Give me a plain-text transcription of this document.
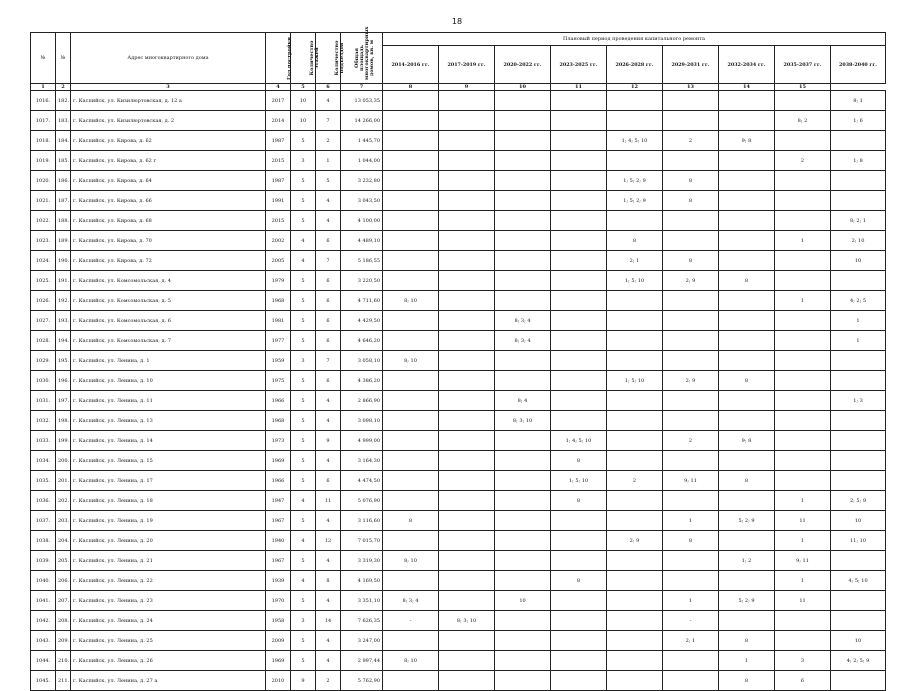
18
№	№	Адрес многоквартирного дома	Год постройки	Количество этажей	Количество подъездов	Общая площадь многоквартирных домов, кв. м	Плановый период проведения капитального ремонта								
							2014-2016 гг.	2017-2019 гг.	2020-2022 гг.	2023-2025 гг.	2026-2028 гг.	2029-2031 гг.	2032-2034 гг.	2035-2037 гг.	2038-2040 гг.
1	2	3	4	5	6	7	8	9	10	11	12	13	14	15	
1016.	182.	г. Каспийск, ул. Кизилюртовская, д. 12 а	2017	10	4	13 053,35									8; 1
1017.	183.	г. Каспийск, ул. Кизилюртовская, д. 2	2014	10	7	14 266,00								8; 2	1; 6
1018.	184.	г. Каспийск, ул. Кирова, д. 62	1987	5	2	1 445,70					1; 4; 5; 10	2	9; 8		
1019.	185.	г. Каспийск, ул. Кирова, д. 62 г	2015	3	1	1 044,00								2	1; 8
1020.	186.	г. Каспийск, ул. Кирова, д. 64	1987	5	5	3 232,80					1; 5; 2; 9	8			
1021.	187.	г. Каспийск, ул. Кирова, д. 66	1991	5	4	3 043,50					1; 5; 2; 9	8			
1022.	188.	г. Каспийск, ул. Кирова, д. 68	2015	5	4	4 100,00									8; 2; 1
1023.	189.	г. Каспийск, ул. Кирова, д. 70	2002	4	6	4 489,10					8			1	2; 10
1024.	190.	г. Каспийск, ул. Кирова, д. 72	2005	4	7	5 186,55					2; 1	8			10
1025.	191.	г. Каспийск, ул. Комсомольская, д. 4	1979	5	6	3 220,50					1; 5; 10	2; 9	8		
1026.	192.	г. Каспийск, ул. Комсомольская, д. 5	1968	5	6	4 711,60	8; 10							1	4; 2; 5
1027.	193.	г. Каспийск, ул. Комсомольская, д. 6	1981	5	6	4 429,50			8; 3; 4						1
1028.	194.	г. Каспийск, ул. Комсомольская, д. 7	1977	5	6	4 646,20			8; 3; 4						1
1029.	195.	г. Каспийск, ул. Ленина, д. 1	1959	3	7	3 058,10	8; 10								
1030.	196.	г. Каспийск, ул. Ленина, д. 10	1975	5	6	4 386,20					1; 5; 10	2; 9	8		
1031.	197.	г. Каспийск, ул. Ленина, д. 11	1966	5	4	2 866,90			8; 4						1; 3
1032.	198.	г. Каспийск, ул. Ленина, д. 13	1968	5	4	3 098,10			8; 3; 10						
1033.	199.	г. Каспийск, ул. Ленина, д. 14	1973	5	9	4 999,00				1; 4; 5; 10		2	9; 8		
1034.	200.	г. Каспийск, ул. Ленина, д. 15	1969	5	4	3 164,30				8					
1035.	201.	г. Каспийск, ул. Ленина, д. 17	1966	5	6	4 474,50				1; 5; 10	2	9; 11	8		
1036.	202.	г. Каспийск, ул. Ленина, д. 18	1947	4	11	5 076,90				8				1	2; 5; 9
1037.	203.	г. Каспийск, ул. Ленина, д. 19	1967	5	4	3 116,60	8					1	5; 2; 9	11	10
1038.	204.	г. Каспийск, ул. Ленина, д. 20	1940	4	12	7 015,70					2; 9	8		1	11; 10
1039.	205.	г. Каспийск, ул. Ленина, д. 21	1967	5	4	3 319,30	8; 10						1; 2	9; 11	
1040.	206.	г. Каспийск, ул. Ленина, д. 22	1939	4	8	4 169,50				8				1	4; 5; 10
1041.	207.	г. Каспийск, ул. Ленина, д. 23	1970	5	4	3 351,10	8; 3; 4		10			1	5; 2; 9	11	
1042.	208.	г. Каспийск, ул. Ленина, д. 24	1958	3	14	7 626,35	-	8; 3; 10				-			
1043.	209.	г. Каспийск, ул. Ленина, д. 25	2009	5	4	3 247,00						2; 1	8		10
1044.	210.	г. Каспийск, ул. Ленина, д. 26	1969	5	4	2 997,44	8; 10						1	3	4; 2; 5; 9
1045.	211.	г. Каспийск, ул. Ленина, д. 27 а	2010	9	2	5 762,90							8	6	
